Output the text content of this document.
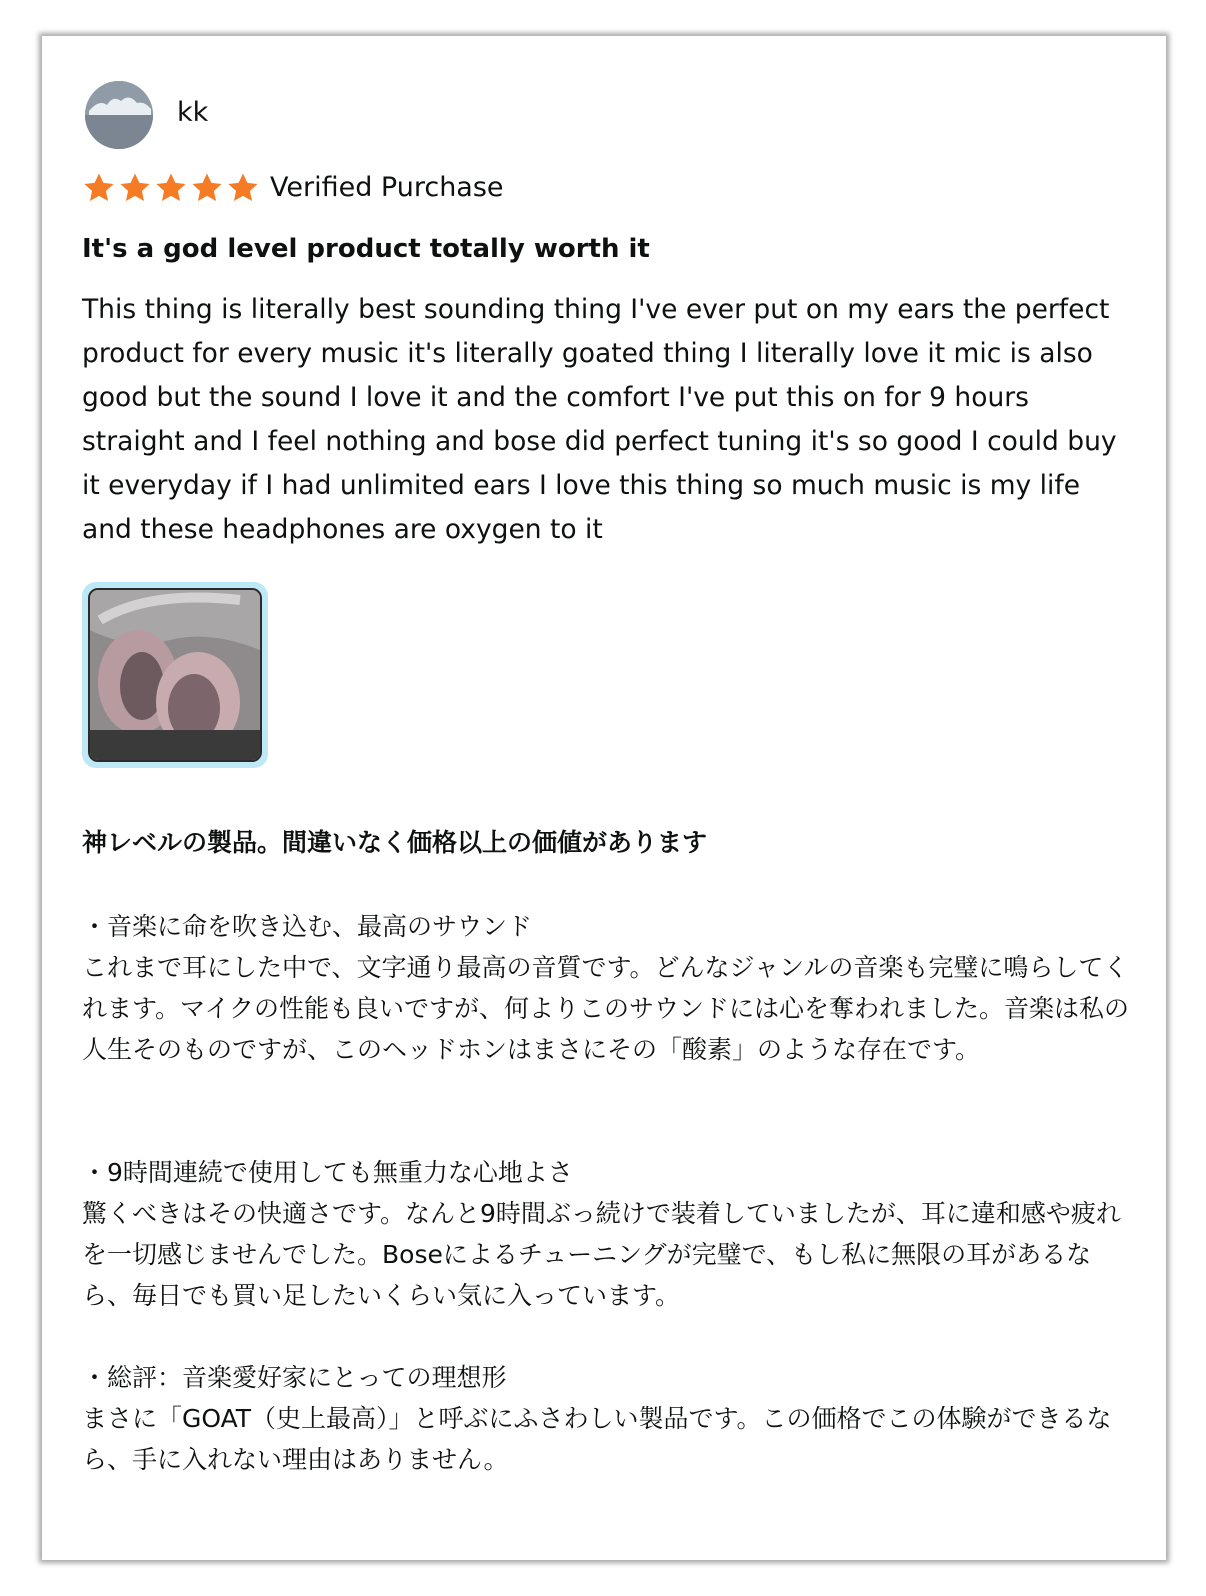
kk
Verified Purchase
It's a god level product totally worth it

This thing is literally best sounding thing I've ever put on my ears the perfect product for every music it's literally goated thing I literally love it mic is also good but the sound I love it and the comfort I've put this on for 9 hours straight and I feel nothing and bose did perfect tuning it's so good I could buy it everyday if I had unlimited ears I love this thing so much music is my life and these headphones are oxygen to it

神レベルの製品。間違いなく価格以上の価値があります
・音楽に命を吹き込む、最高のサウンド
これまで耳にした中で、文字通り最高の音質です。どんなジャンルの音楽も完璧に鳴らしてくれます。マイクの性能も良いですが、何よりこのサウンドには心を奪われました。音楽は私の人生そのものですが、このヘッドホンはまさにその「酸素」のような存在です。
・9時間連続で使用しても無重力な心地よさ
驚くべきはその快適さです。なんと9時間ぶっ続けで装着していましたが、耳に違和感や疲れを一切感じませんでした。Boseによるチューニングが完璧で、もし私に無限の耳があるなら、毎日でも買い足したいくらい気に入っています。
・総評：音楽愛好家にとっての理想形
まさに「GOAT（史上最高）」と呼ぶにふさわしい製品です。この価格でこの体験ができるなら、手に入れない理由はありません。
